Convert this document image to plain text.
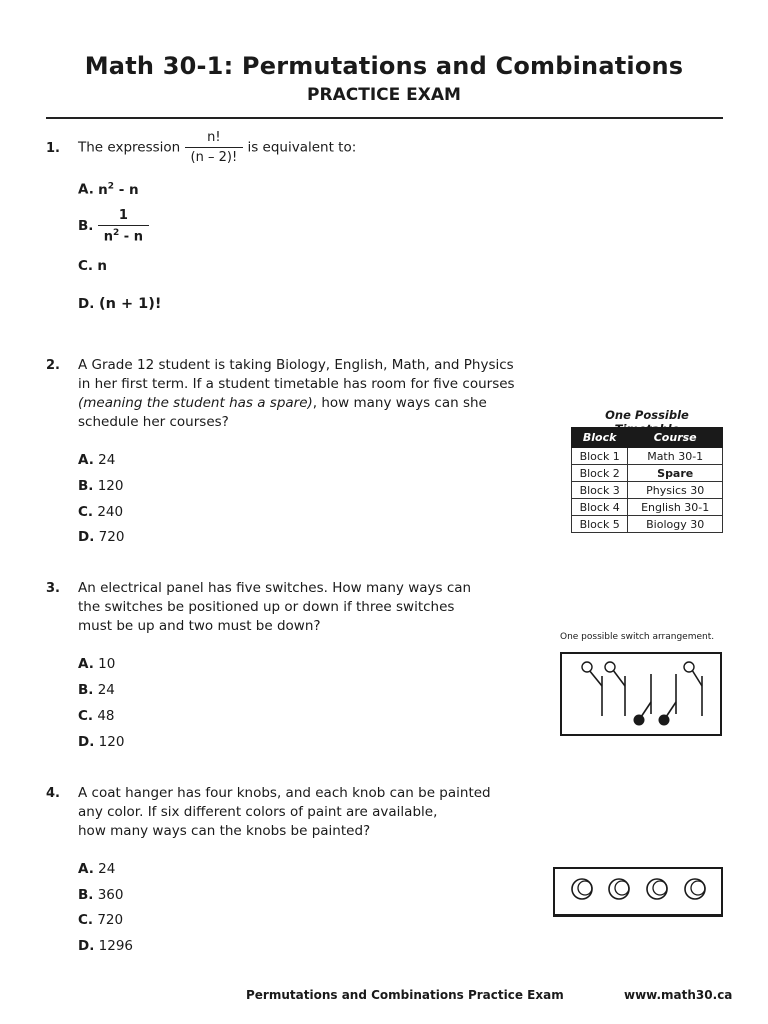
Math 30-1: Permutations and Combinations
PRACTICE EXAM
1. The expression $\frac{n!}{(n - 2)!}$ is equivalent to:
A. $n^2$ - n
B. $\frac{1}{n^2 - n}$
C. n
D. (n + 1)!
2. A Grade 12 student is taking Biology, English, Math, and Physics
in her first term. If a student timetable has room for five courses
(meaning the student has a spare), how many ways can she
schedule her courses?
A. 24
B. 120
C. 240
D. 720
One Possible
Block	Course
Block 1	Math 30-1
Block 2	Spare
Block 3	Physics 30
Block 4	English 30-1
Block 5	Biology 30
3. An electrical panel has five switches. How many ways can
the switches be positioned up or down if three switches
must be up and two must be down?
A. 10
B. 24
C. 48
D. 120
One possible switch arrangement.
4. A coat hanger has four knobs, and each knob can be painted
any color. If six different colors of paint are available,
how many ways can the knobs be painted?
A. 24
B. 360
C. 720
D. 1296
Permutations and Combinations Practice Exam	www.math30.ca
